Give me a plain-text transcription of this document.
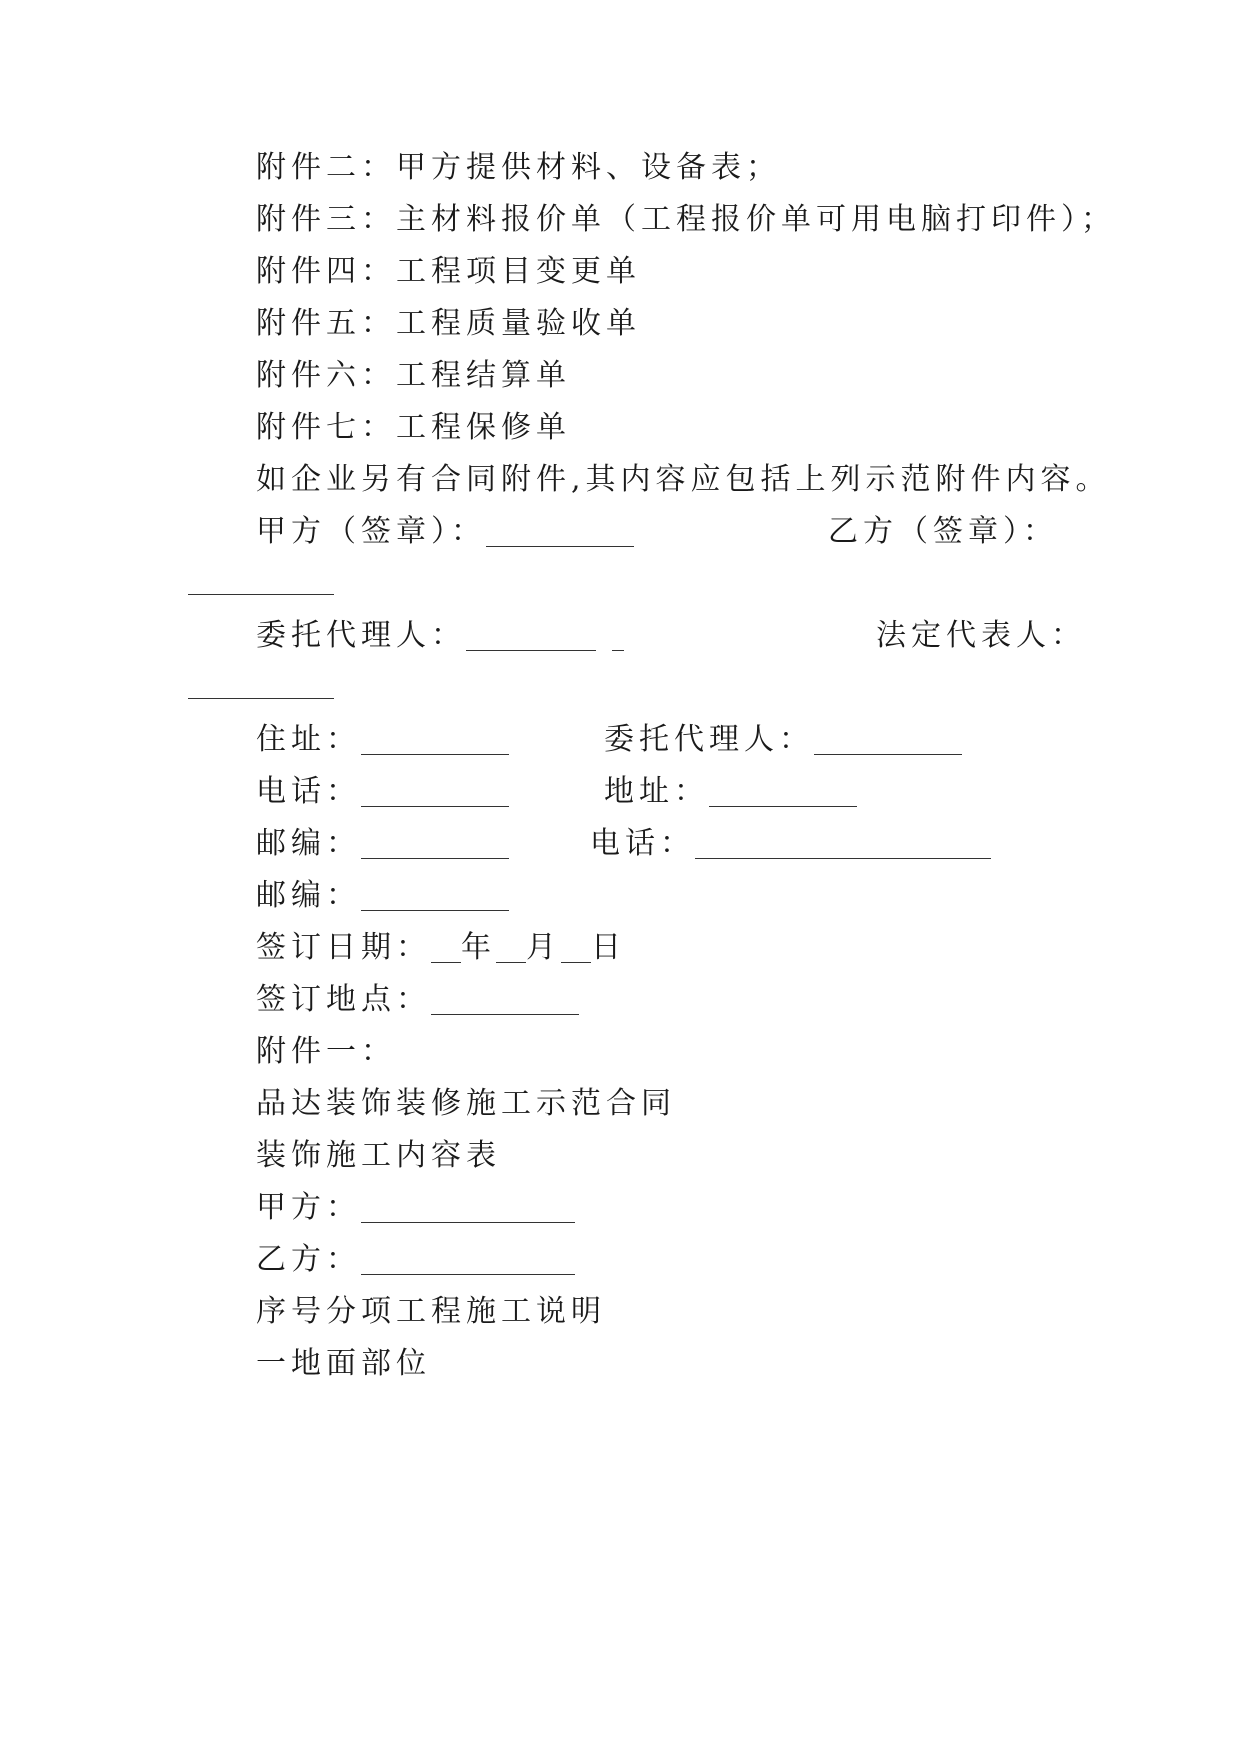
附件二：甲方提供材料、设备表；
附件三：主材料报价单（工程报价单可用电脑打印件）；
附件四：工程项目变更单
附件五：工程质量验收单
附件六：工程结算单
附件七：工程保修单
如企业另有合同附件,其内容应包括上列示范附件内容。
甲方（签章）：	乙方（签章）：
委托代理人：	法定代表人：
住址：	委托代理人：
电话：	地址：
邮编：	电话：
邮编：
签订日期： 年 月 日
签订地点：
附件一：
品达装饰装修施工示范合同
装饰施工内容表
甲方：
乙方：
序号分项工程施工说明
一地面部位
